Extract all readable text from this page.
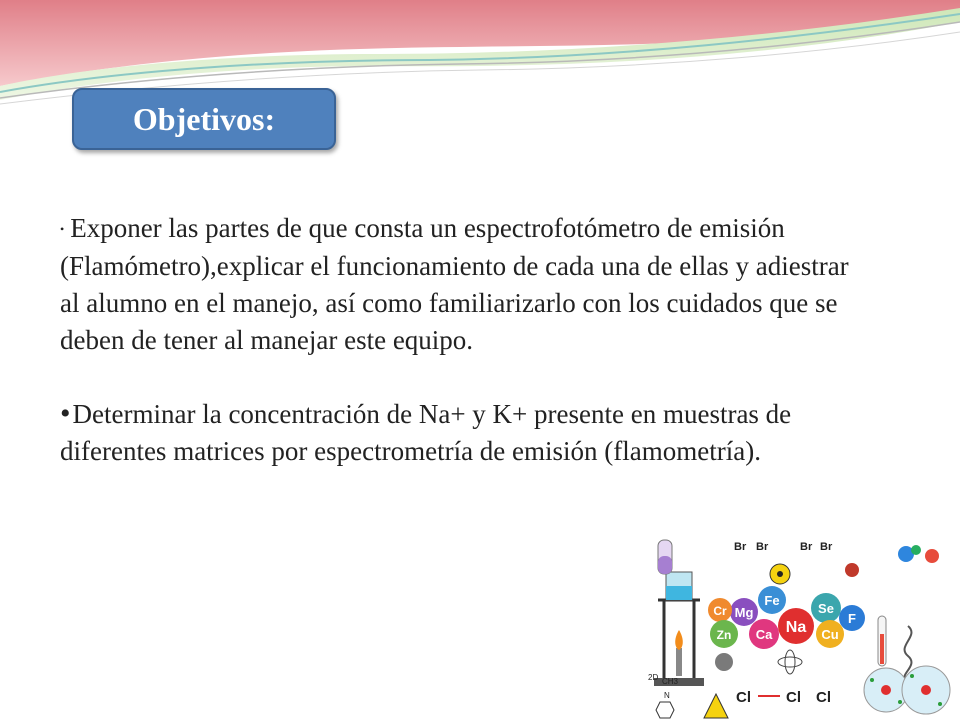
Objetivos:

• Exponer las partes de que consta un espectrofotómetro de emisión (Flamómetro),explicar el funcionamiento de cada una de ellas y adiestrar al alumno en el manejo, así como familiarizarlo con los cuidados que se deben de tener al manejar este equipo.

•Determinar la concentración de Na+ y K+ presente en muestras de diferentes matrices por espectrometría de emisión (flamometría).

Br Br	Br Br
Fe
Mg
Cr	Se
F
Zn Ca Na Cu
2D CH3
N	Cl Cl Cl
